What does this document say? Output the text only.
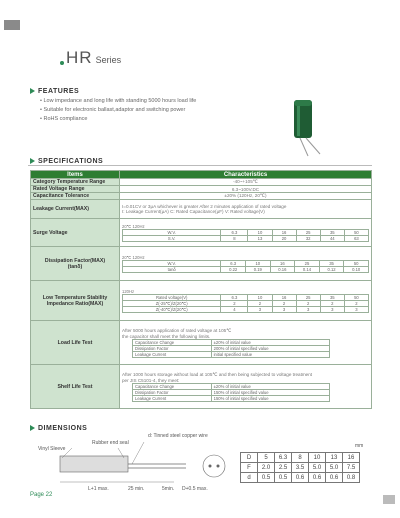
HR Series
FEATURES
• Low impedance and long life with standing 5000 hours load life
• Suitable for electronic ballast,adaptor and switching power
• RoHS compliance
SPECIFICATIONS
Items	Characteristics
Category Temperature Range	-40~+105℃
Rated Voltage Range	6.3~100V.DC
Capacitance Tolerance	±20% (120Hz, 20℃)
Leakage Current(MAX)	I=0.01CV or 3μA whichever is greater After 2 minutes application of rated voltage
I: Leakage Current(μA) C: Rated Capacitance(μF) V: Rated voltage(V)

Surge Voltage	
20℃ 120Hz
W.V.	6.3	10	16	25	35	50
S.V.	8	13	20	32	44	63

Dissipation Factor(MAX)
(tanδ)

20℃ 120Hz
W.V.	6.3	10	16	25	35	50
tanδ	0.22	0.19	0.16	0.14	0.12	0.10

Low Temperature Stability
Impedance Ratio(MAX)

120Hz
Rated voltage(V)	6.3	10	16	25	35	50
Z(-25℃)/Z(20℃)	2	2	2	2	2	2
Z(-40℃)/Z(20℃)	4	3	3	3	3	3

Load Life Test	
After 5000 hours application of rated voltage at 105℃
the capacitor shall meet the following limits.
Capacitance Change	±20% of initial value
Dissipation Factor	200% of initial specified value
Leakage Current	initial specified value

Shelf Life Test	
After 1000 hours storage without load at 105℃ and then being subjected to voltage treatment
per JIS C5101-4, they meet:
Capacitance Change	±20% of initial value
Dissipation Factor	150% of initial specified value
Leakage Current	150% of initial specified value
DIMENSIONS
Vinyl Sleeve
Rubber end seal
d: Tinned steel copper wire
L+1 max.	25 min.	5min. D+0.5 max.
mm
D	5	6.3	8	10	13	16
F	2.0	2.5	3.5	5.0	5.0	7.5
d	0.5	0.5	0.6	0.6	0.6	0.8
Page 22
